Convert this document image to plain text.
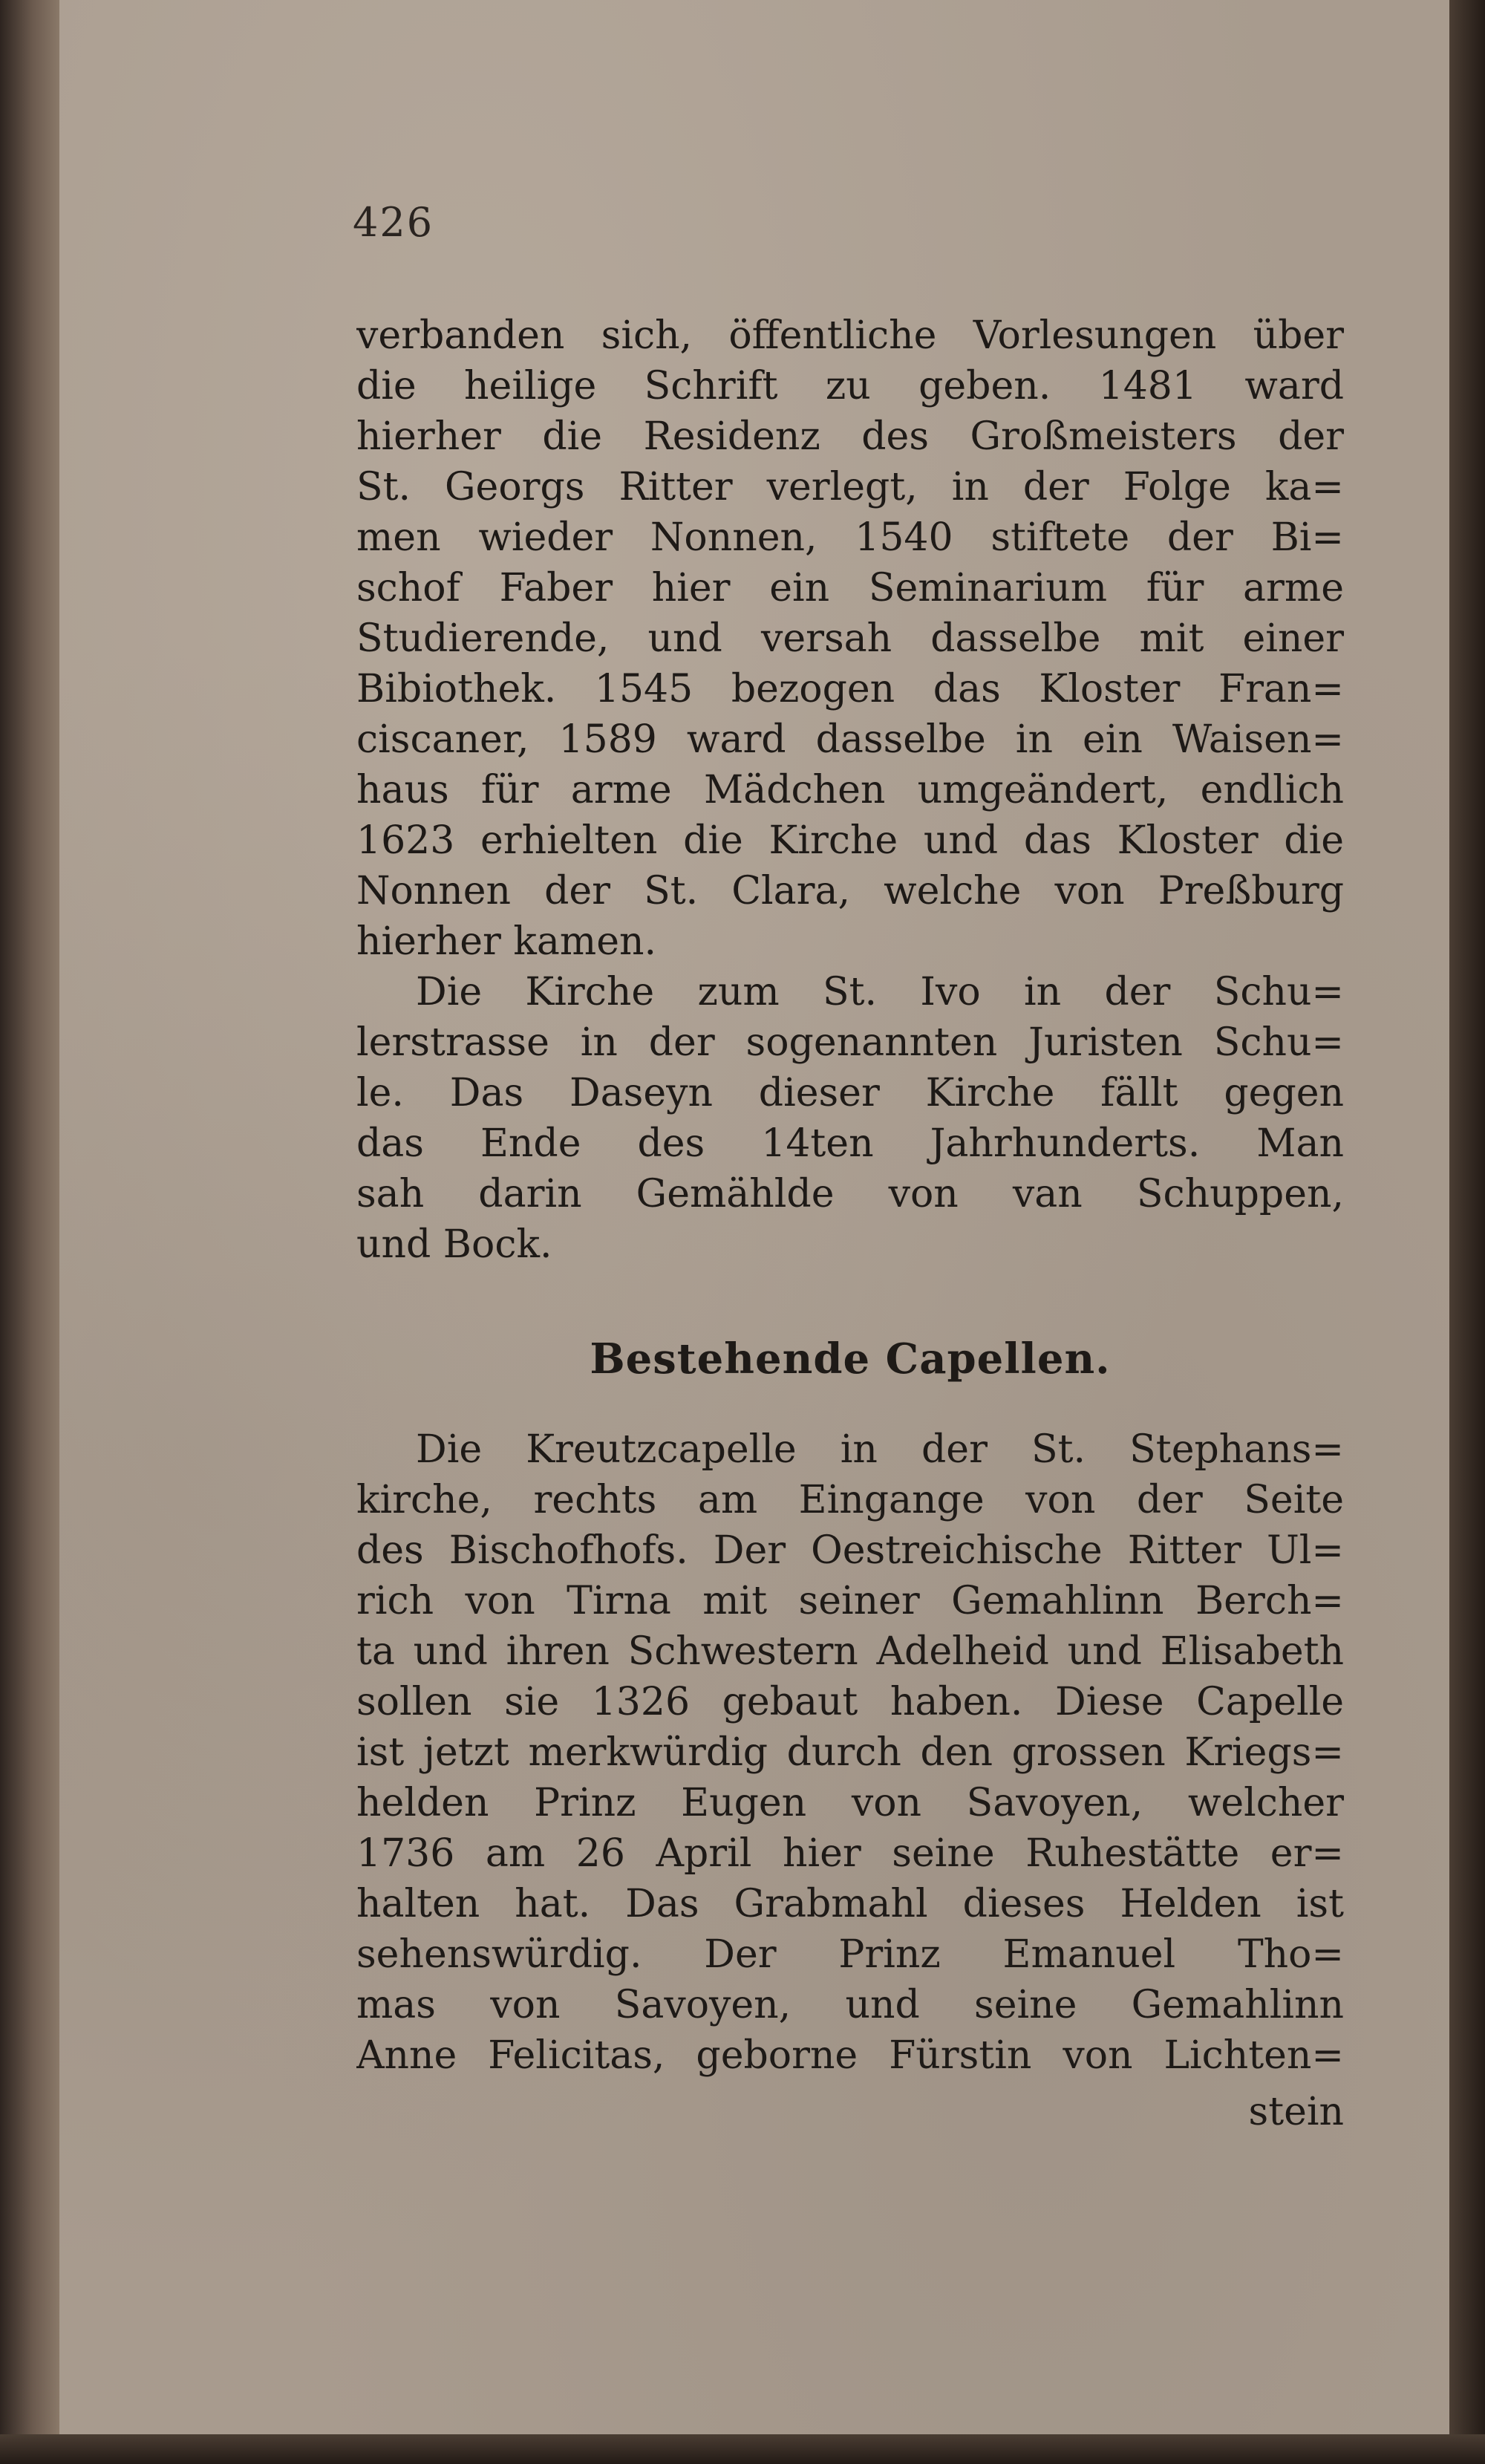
426
verbanden sich, öffentliche Vorlesungen über
die heilige Schrift zu geben. 1481 ward
hierher die Residenz des Großmeisters der
St. Georgs Ritter verlegt, in der Folge ka=
men wieder Nonnen, 1540 stiftete der Bi=
schof Faber hier ein Seminarium für arme
Studierende, und versah dasselbe mit einer
Bibiothek. 1545 bezogen das Kloster Fran=
ciscaner, 1589 ward dasselbe in ein Waisen=
haus für arme Mädchen umgeändert, endlich
1623 erhielten die Kirche und das Kloster die
Nonnen der St. Clara, welche von Preßburg
hierher kamen.
Die Kirche zum St. Ivo in der Schu=
lerstrasse in der sogenannten Juristen Schu=
le. Das Daseyn dieser Kirche fällt gegen
das Ende des 14ten Jahrhunderts. Man
sah darin Gemählde von van Schuppen,
und Bock.
Bestehende Capellen.
Die Kreutzcapelle in der St. Stephans=
kirche, rechts am Eingange von der Seite
des Bischofhofs. Der Oestreichische Ritter Ul=
rich von Tirna mit seiner Gemahlinn Berch=
ta und ihren Schwestern Adelheid und Elisabeth
sollen sie 1326 gebaut haben. Diese Capelle
ist jetzt merkwürdig durch den grossen Kriegs=
helden Prinz Eugen von Savoyen, welcher
1736 am 26 April hier seine Ruhestätte er=
halten hat. Das Grabmahl dieses Helden ist
sehenswürdig. Der Prinz Emanuel Tho=
mas von Savoyen, und seine Gemahlinn
Anne Felicitas, geborne Fürstin von Lichten=
stein
